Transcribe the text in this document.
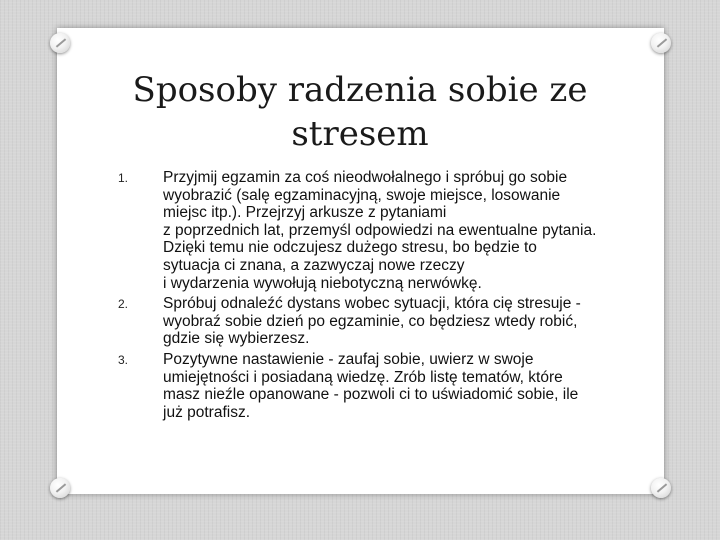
Sposoby radzenia sobie ze stresem
1. Przyjmij egzamin za coś nieodwołalnego i spróbuj go sobie wyobrazić (salę egzaminacyjną, swoje miejsce, losowanie miejsc itp.). Przejrzyj arkusze z pytaniami
z poprzednich lat, przemyśl odpowiedzi na ewentualne pytania. Dzięki temu nie odczujesz dużego stresu, bo będzie to sytuacja ci znana, a zazwyczaj nowe rzeczy
i wydarzenia wywołują niebotyczną nerwówkę.
2. Spróbuj odnaleźć dystans wobec sytuacji, która cię stresuje - wyobraź sobie dzień po egzaminie, co będziesz wtedy robić, gdzie się wybierzesz.
3. Pozytywne nastawienie - zaufaj sobie, uwierz w swoje umiejętności i posiadaną wiedzę. Zrób listę tematów, które masz nieźle opanowane - pozwoli ci to uświadomić sobie, ile już potrafisz.
